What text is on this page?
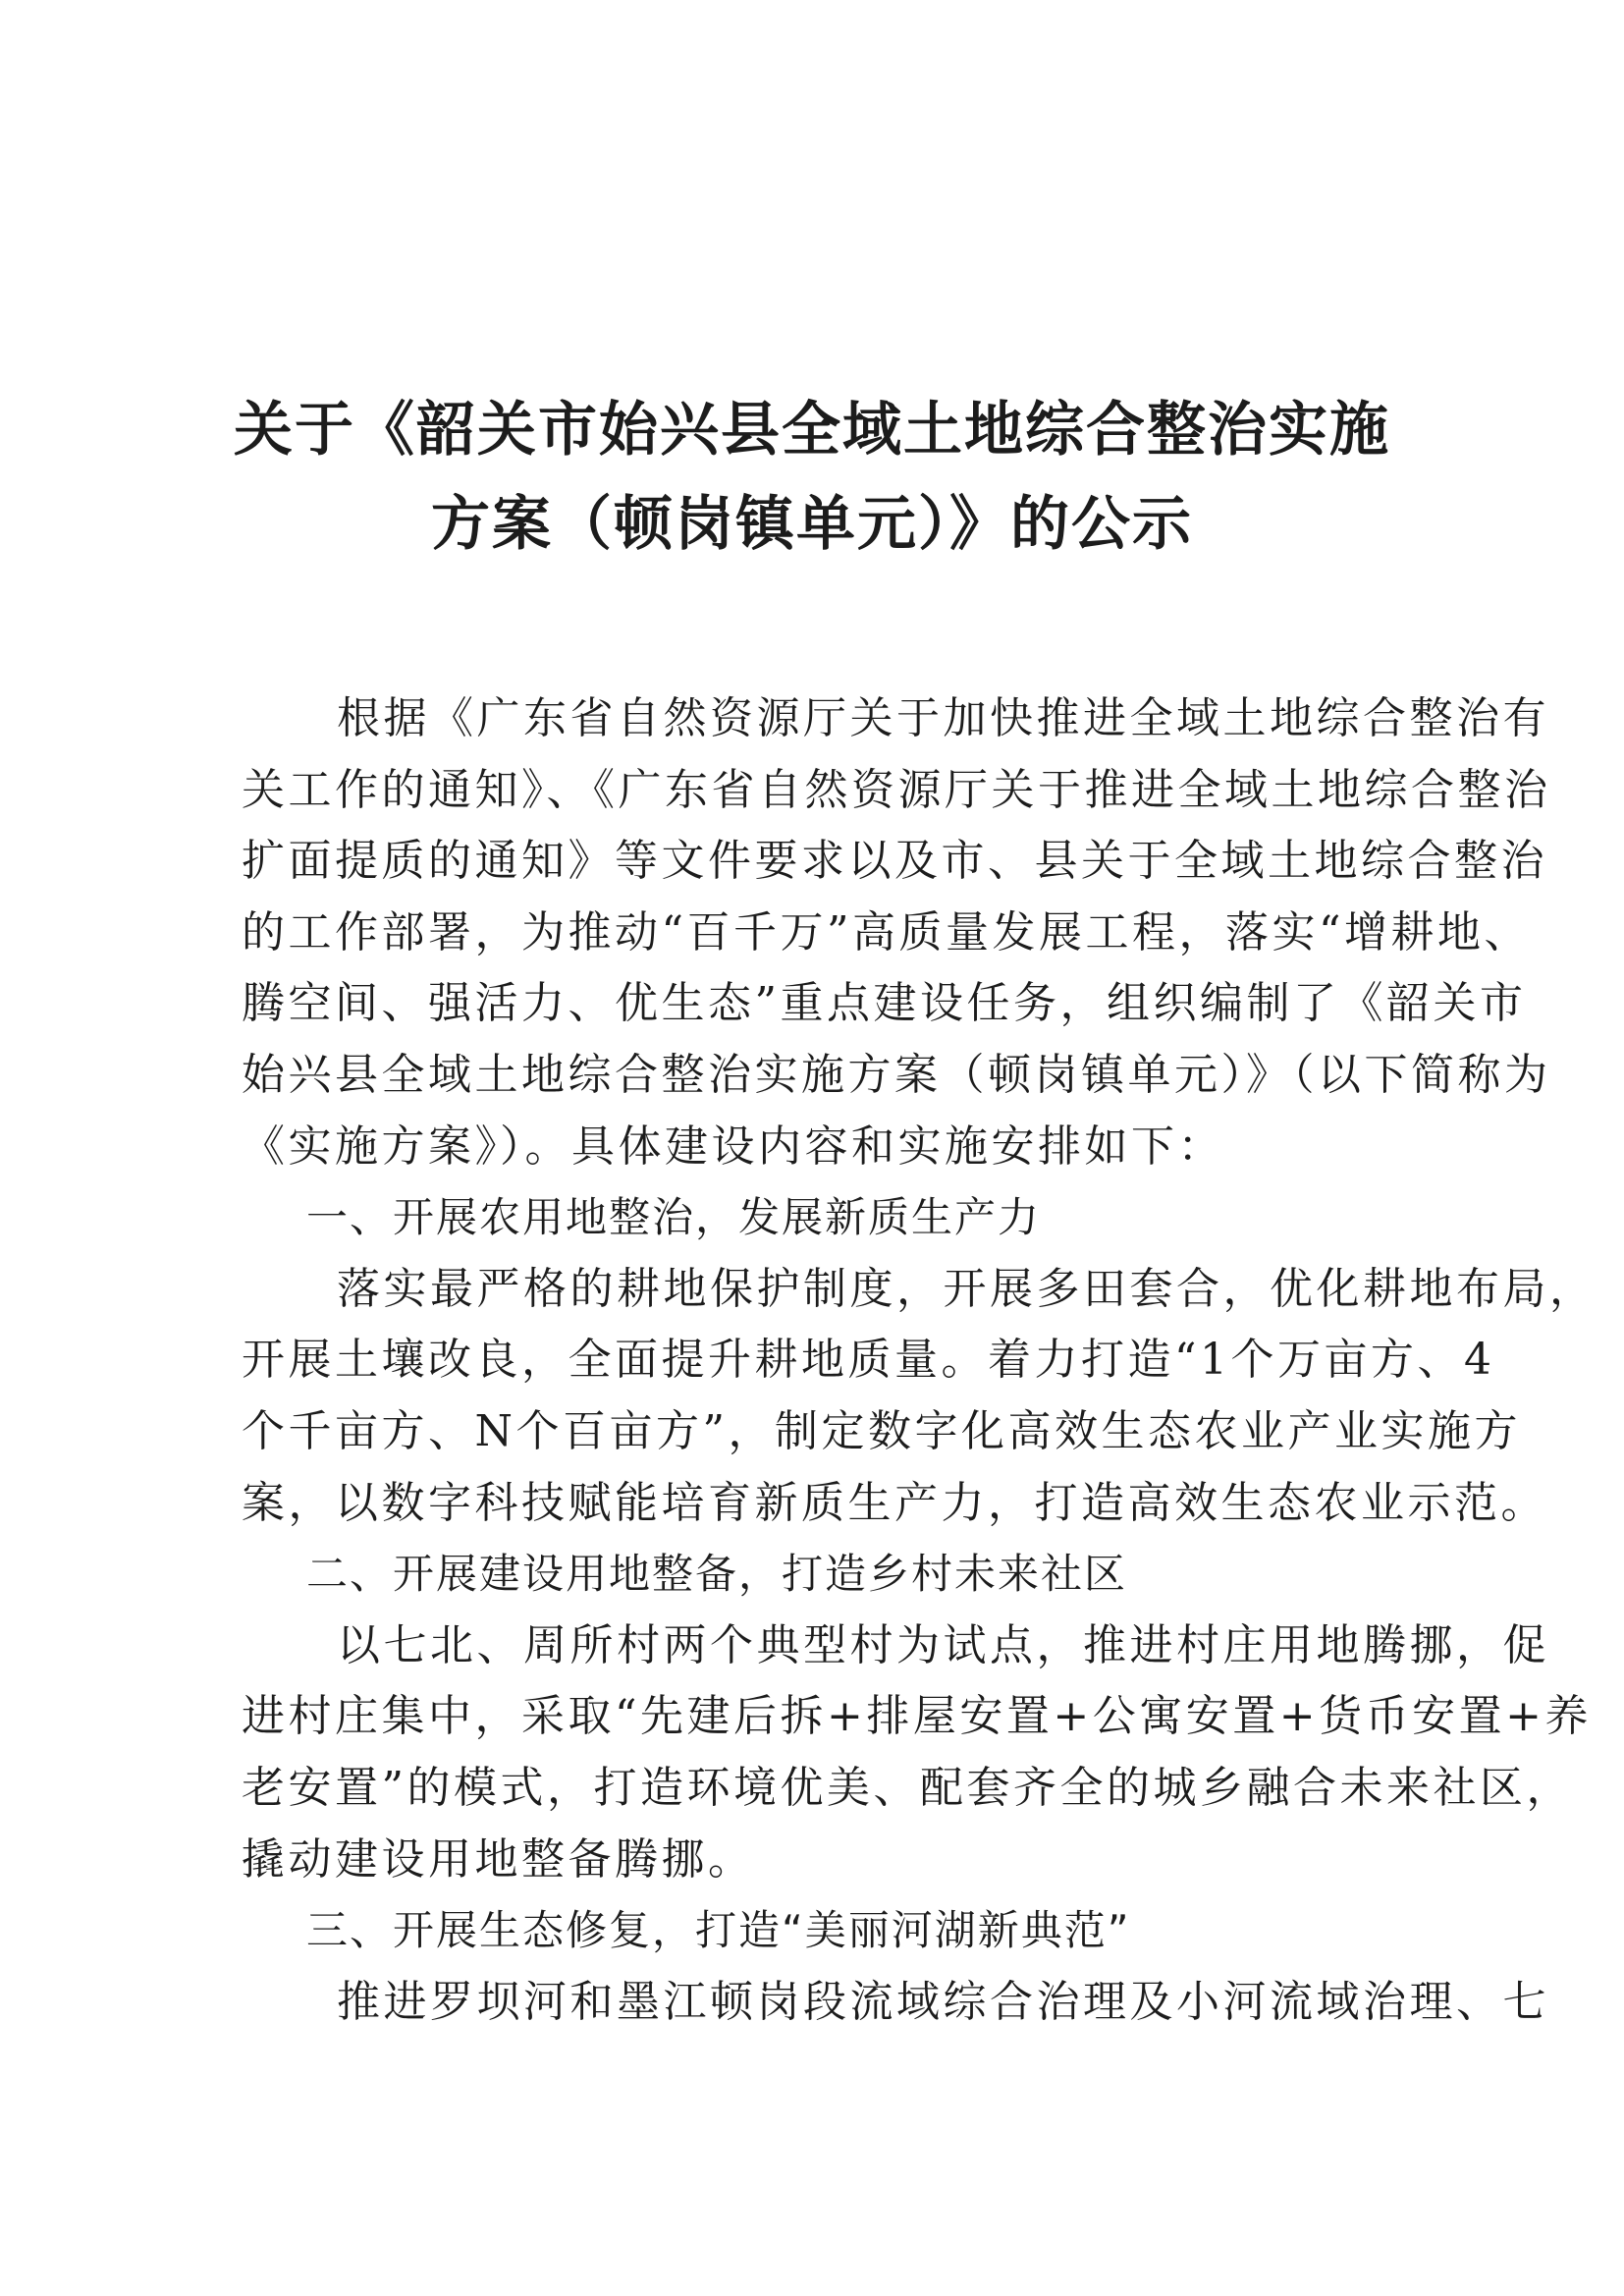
关于《韶关市始兴县全域土地综合整治实施
方案（顿岗镇单元）》的公示

根据《广东省自然资源厅关于加快推进全域土地综合整治有
关工作的通知》、《广东省自然资源厅关于推进全域土地综合整治
扩面提质的通知》等文件要求以及市、县关于全域土地综合整治
的工作部署，为推动“百千万”高质量发展工程，落实“增耕地、
腾空间、强活力、优生态”重点建设任务，组织编制了《韶关市
始兴县全域土地综合整治实施方案（顿岗镇单元）》（以下简称为
《实施方案》）。具体建设内容和实施安排如下：

一、开展农用地整治，发展新质生产力

落实最严格的耕地保护制度，开展多田套合，优化耕地布局，
开展土壤改良，全面提升耕地质量。着力打造“1个万亩方、4
个千亩方、N个百亩方”，制定数字化高效生态农业产业实施方
案，以数字科技赋能培育新质生产力，打造高效生态农业示范。

二、开展建设用地整备，打造乡村未来社区

以七北、周所村两个典型村为试点，推进村庄用地腾挪，促
进村庄集中，采取“先建后拆+排屋安置+公寓安置+货币安置+养
老安置”的模式，打造环境优美、配套齐全的城乡融合未来社区，
撬动建设用地整备腾挪。

三、开展生态修复，打造“美丽河湖新典范”

推进罗坝河和墨江顿岗段流域综合治理及小河流域治理、七
